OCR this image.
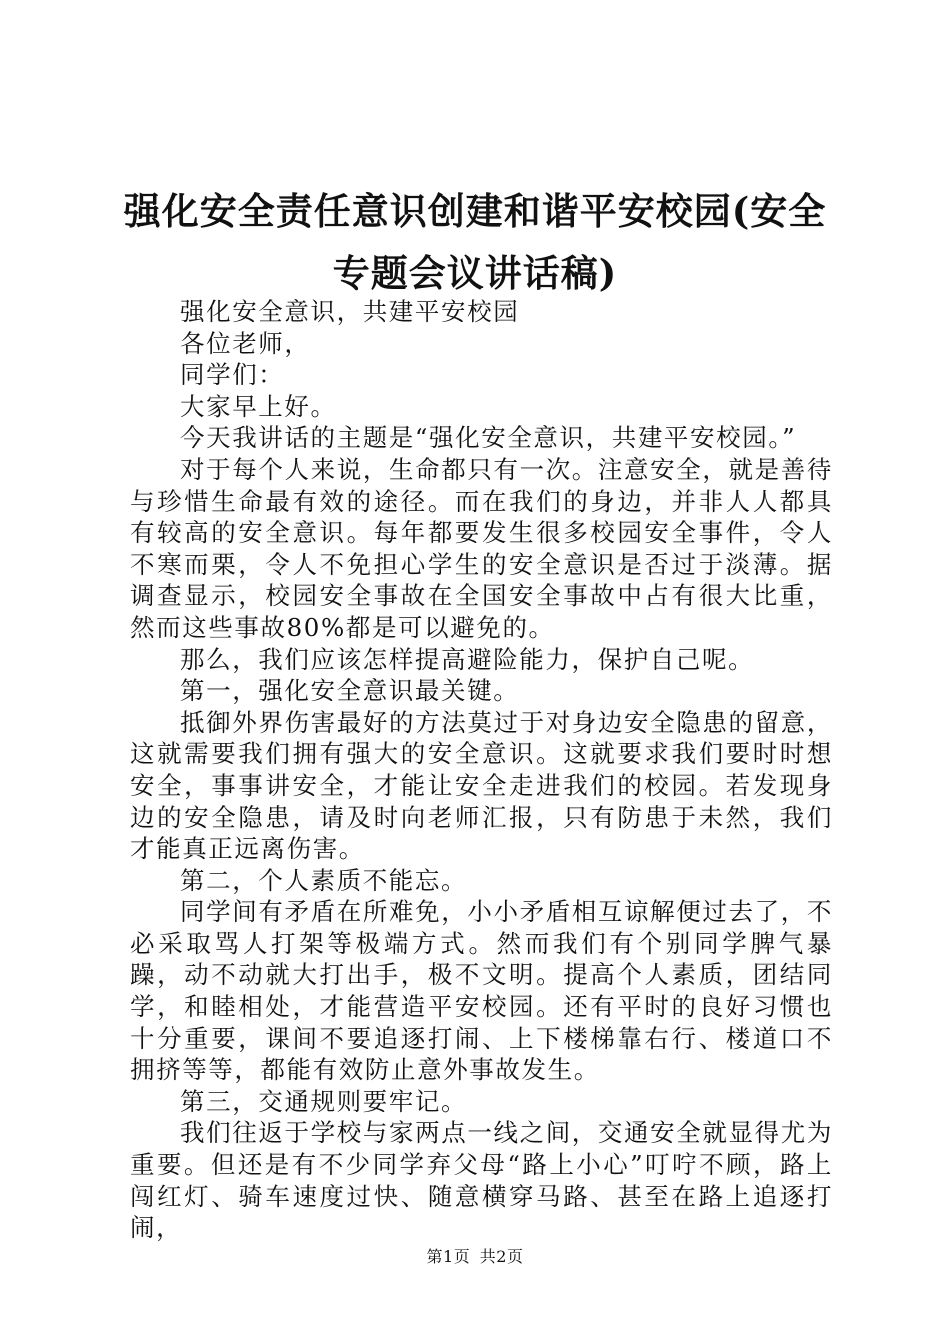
强化安全责任意识创建和谐平安校园(安全专题会议讲话稿)

强化安全意识，共建平安校园

各位老师，

同学们：

大家早上好。

今天我讲话的主题是“强化安全意识，共建平安校园。”

对于每个人来说，生命都只有一次。注意安全，就是善待与珍惜生命最有效的途径。而在我们的身边，并非人人都具有较高的安全意识。每年都要发生很多校园安全事件，令人不寒而栗，令人不免担心学生的安全意识是否过于淡薄。据调查显示，校园安全事故在全国安全事故中占有很大比重，然而这些事故80%都是可以避免的。

那么，我们应该怎样提高避险能力，保护自己呢。

第一，强化安全意识最关键。

抵御外界伤害最好的方法莫过于对身边安全隐患的留意，这就需要我们拥有强大的安全意识。这就要求我们要时时想安全，事事讲安全，才能让安全走进我们的校园。若发现身边的安全隐患，请及时向老师汇报，只有防患于未然，我们才能真正远离伤害。

第二，个人素质不能忘。

同学间有矛盾在所难免，小小矛盾相互谅解便过去了，不必采取骂人打架等极端方式。然而我们有个别同学脾气暴躁，动不动就大打出手，极不文明。提高个人素质，团结同学，和睦相处，才能营造平安校园。还有平时的良好习惯也十分重要，课间不要追逐打闹、上下楼梯靠右行、楼道口不拥挤等等，都能有效防止意外事故发生。

第三，交通规则要牢记。

我们往返于学校与家两点一线之间，交通安全就显得尤为重要。但还是有不少同学弃父母“路上小心”叮咛不顾，路上闯红灯、骑车速度过快、随意横穿马路、甚至在路上追逐打闹，

第1页 共2页
